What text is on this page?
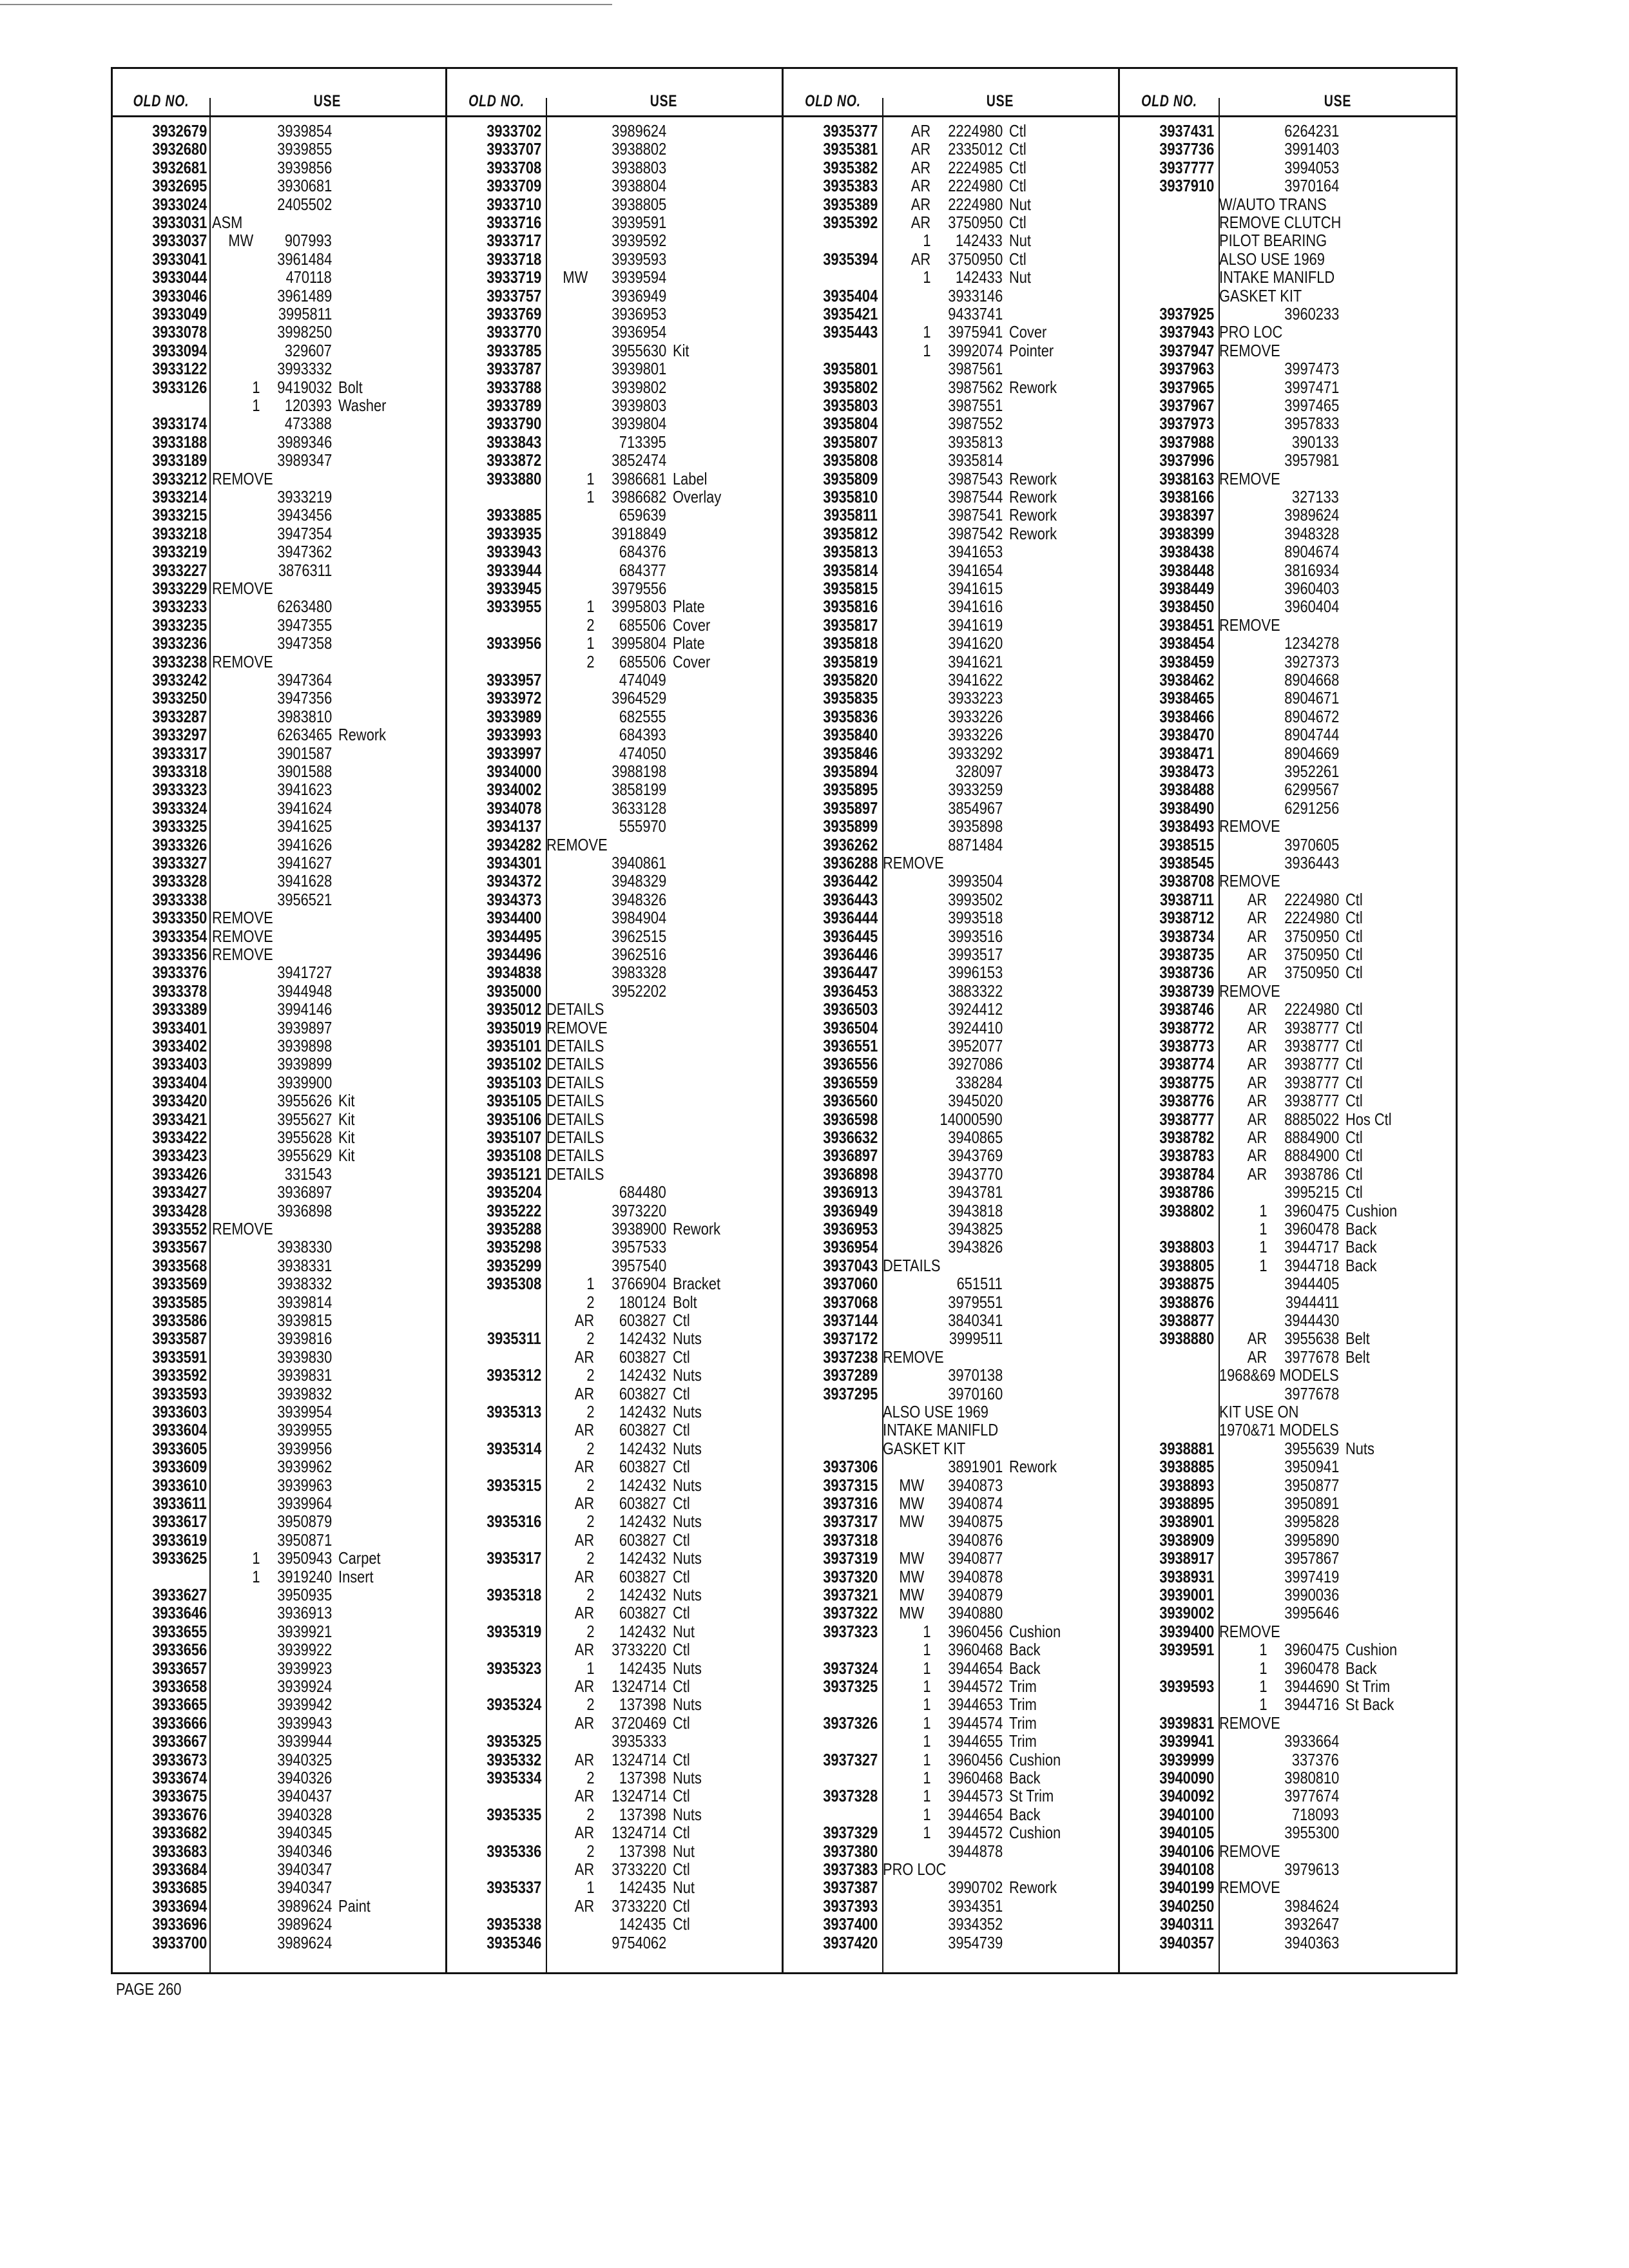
OLD NO.	USE	OLD NO.	USE	OLD NO.	USE	OLD NO.	USE
3932679	3939854
3932680	3939855
3932681	3939856
3932695	3930681
3933024	2405502
3933031 ASM
3933037 MW 907993
3933041	3961484
3933044	470118
3933046	3961489
3933049	3995811
3933078	3998250
3933094	329607
3933122	3993332
3933126	1 9419032 Bolt
1 120393 Washer
3933174	473388
3933188	3989346
3933189	3989347
3933212 REMOVE
3933214	3933219
3933215	3943456
3933218	3947354
3933219	3947362
3933227	3876311
3933229 REMOVE
3933233	6263480
3933235	3947355
3933236	3947358
3933238 REMOVE
3933242	3947364
3933250	3947356
3933287	3983810
3933297	6263465 Rework
3933317	3901587
3933318	3901588
3933323	3941623
3933324	3941624
3933325	3941625
3933326	3941626
3933327	3941627
3933328	3941628
3933338	3956521
3933350 REMOVE
3933354 REMOVE
3933356 REMOVE
3933376	3941727
3933378	3944948
3933389	3994146
3933401	3939897
3933402	3939898
3933403	3939899
3933404	3939900
3933420	3955626 Kit
3933421	3955627 Kit
3933422	3955628 Kit
3933423	3955629 Kit
3933426	331543
3933427	3936897
3933428	3936898
3933552 REMOVE
3933567	3938330
3933568	3938331
3933569	3938332
3933585	3939814
3933586	3939815
3933587	3939816
3933591	3939830
3933592	3939831
3933593	3939832
3933603	3939954
3933604	3939955
3933605	3939956
3933609	3939962
3933610	3939963
3933611	3939964
3933617	3950879
3933619	3950871
3933625	1 3950943 Carpet
1 3919240 Insert
3933627	3950935
3933646	3936913
3933655	3939921
3933656	3939922
3933657	3939923
3933658	3939924
3933665	3939942
3933666	3939943
3933667	3939944
3933673	3940325
3933674	3940326
3933675	3940437
3933676	3940328
3933682	3940345
3933683	3940346
3933684	3940347
3933685	3940347
3933694	3989624 Paint
3933696	3989624
3933700	3989624
3933702	3989624
3933707	3938802
3933708	3938803
3933709	3938804
3933710	3938805
3933716	3939591
3933717	3939592
3933718	3939593
3933719 MW 3939594
3933757	3936949
3933769	3936953
3933770	3936954
3933785	3955630 Kit
3933787	3939801
3933788	3939802
3933789	3939803
3933790	3939804
3933843	713395
3933872	3852474
3933880	1 3986681 Label
1 3986682 Overlay
3933885	659639
3933935	3918849
3933943	684376
3933944	684377
3933945	3979556
3933955	1 3995803 Plate
2 685506 Cover
3933956	1 3995804 Plate
2 685506 Cover
3933957	474049
3933972	3964529
3933989	682555
3933993	684393
3933997	474050
3934000	3988198
3934002	3858199
3934078	3633128
3934137	555970
3934282 REMOVE
3934301	3940861
3934372	3948329
3934373	3948326
3934400	3984904
3934495	3962515
3934496	3962516
3934838	3983328
3935000	3952202
3935012 DETAILS
3935019 REMOVE
3935101 DETAILS
3935102 DETAILS
3935103 DETAILS
3935105 DETAILS
3935106 DETAILS
3935107 DETAILS
3935108 DETAILS
3935121 DETAILS
3935204	684480
3935222	3973220
3935288	3938900 Rework
3935298	3957533
3935299	3957540
3935308	1 3766904 Bracket
2 180124 Bolt
AR 603827 Ctl
3935311	2 142432 Nuts
AR 603827 Ctl
3935312	2 142432 Nuts
AR 603827 Ctl
3935313	2 142432 Nuts
AR 603827 Ctl
3935314	2 142432 Nuts
AR 603827 Ctl
3935315	2 142432 Nuts
AR 603827 Ctl
3935316	2 142432 Nuts
AR 603827 Ctl
3935317	2 142432 Nuts
AR 603827 Ctl
3935318	2 142432 Nuts
AR 603827 Ctl
3935319	2 142432 Nut
AR 3733220 Ctl
3935323	1 142435 Nuts
AR 1324714 Ctl
3935324	2 137398 Nuts
AR 3720469 Ctl
3935325	3935333
3935332 AR 1324714 Ctl
3935334	2 137398 Nuts
AR 1324714 Ctl
3935335	2 137398 Nuts
AR 1324714 Ctl
3935336	2 137398 Nut
AR 3733220 Ctl
3935337	1 142435 Nut
AR 3733220 Ctl
3935338	142435 Ctl
3935346	9754062
3935377 AR 2224980 Ctl
3935381 AR 2335012 Ctl
3935382 AR 2224985 Ctl
3935383 AR 2224980 Ctl
3935389 AR 2224980 Nut
3935392 AR 3750950 Ctl
1 142433 Nut
3935394 AR 3750950 Ctl
1 142433 Nut
3935404	3933146
3935421	9433741
3935443	1 3975941 Cover
1 3992074 Pointer
3935801	3987561
3935802	3987562 Rework
3935803	3987551
3935804	3987552
3935807	3935813
3935808	3935814
3935809	3987543 Rework
3935810	3987544 Rework
3935811	3987541 Rework
3935812	3987542 Rework
3935813	3941653
3935814	3941654
3935815	3941615
3935816	3941616
3935817	3941619
3935818	3941620
3935819	3941621
3935820	3941622
3935835	3933223
3935836	3933226
3935840	3933226
3935846	3933292
3935894	328097
3935895	3933259
3935897	3854967
3935899	3935898
3936262	8871484
3936288 REMOVE
3936442	3993504
3936443	3993502
3936444	3993518
3936445	3993516
3936446	3993517
3936447	3996153
3936453	3883322
3936503	3924412
3936504	3924410
3936551	3952077
3936556	3927086
3936559	338284
3936560	3945020
3936598	14000590
3936632	3940865
3936897	3943769
3936898	3943770
3936913	3943781
3936949	3943818
3936953	3943825
3936954	3943826
3937043 DETAILS
3937060	651511
3937068	3979551
3937144	3840341
3937172	3999511
3937238 REMOVE
3937289	3970138
3937295	3970160
ALSO USE 1969
INTAKE MANIFLD
GASKET KIT
3937306	3891901 Rework
3937315 MW 3940873
3937316 MW 3940874
3937317 MW 3940875
3937318	3940876
3937319 MW 3940877
3937320 MW 3940878
3937321 MW 3940879
3937322 MW 3940880
3937323	1 3960456 Cushion
1 3960468 Back
3937324	1 3944654 Back
3937325	1 3944572 Trim
1 3944653 Trim
3937326	1 3944574 Trim
1 3944655 Trim
3937327	1 3960456 Cushion
1 3960468 Back
3937328	1 3944573 St Trim
1 3944654 Back
3937329	1 3944572 Cushion
3937380	3944878
3937383 PRO LOC
3937387	3990702 Rework
3937393	3934351
3937400	3934352
3937420	3954739
3937431	6264231
3937736	3991403
3937777	3994053
3937910	3970164
W/AUTO TRANS
REMOVE CLUTCH
PILOT BEARING
ALSO USE 1969
INTAKE MANIFLD
GASKET KIT
3937925	3960233
3937943 PRO LOC
3937947 REMOVE
3937963	3997473
3937965	3997471
3937967	3997465
3937973	3957833
3937988	390133
3937996	3957981
3938163 REMOVE
3938166	327133
3938397	3989624
3938399	3948328
3938438	8904674
3938448	3816934
3938449	3960403
3938450	3960404
3938451 REMOVE
3938454	1234278
3938459	3927373
3938462	8904668
3938465	8904671
3938466	8904672
3938470	8904744
3938471	8904669
3938473	3952261
3938488	6299567
3938490	6291256
3938493 REMOVE
3938515	3970605
3938545	3936443
3938708 REMOVE
3938711 AR 2224980 Ctl
3938712 AR 2224980 Ctl
3938734 AR 3750950 Ctl
3938735 AR 3750950 Ctl
3938736 AR 3750950 Ctl
3938739 REMOVE
3938746 AR 2224980 Ctl
3938772 AR 3938777 Ctl
3938773 AR 3938777 Ctl
3938774 AR 3938777 Ctl
3938775 AR 3938777 Ctl
3938776 AR 3938777 Ctl
3938777 AR 8885022 Hos Ctl
3938782 AR 8884900 Ctl
3938783 AR 8884900 Ctl
3938784 AR 3938786 Ctl
3938786	3995215 Ctl
3938802	1 3960475 Cushion
1 3960478 Back
3938803	1 3944717 Back
3938805	1 3944718 Back
3938875	3944405
3938876	3944411
3938877	3944430
3938880 AR 3955638 Belt
AR 3977678 Belt
1968&69 MODELS
3977678
KIT USE ON
1970&71 MODELS
3938881	3955639 Nuts
3938885	3950941
3938893	3950877
3938895	3950891
3938901	3995828
3938909	3995890
3938917	3957867
3938931	3997419
3939001	3990036
3939002	3995646
3939400 REMOVE
3939591	1 3960475 Cushion
1 3960478 Back
3939593	1 3944690 St Trim
1 3944716 St Back
3939831 REMOVE
3939941	3933664
3939999	337376
3940090	3980810
3940092	3977674
3940100	718093
3940105	3955300
3940106 REMOVE
3940108	3979613
3940199 REMOVE
3940250	3984624
3940311	3932647
3940357	3940363
PAGE 260
